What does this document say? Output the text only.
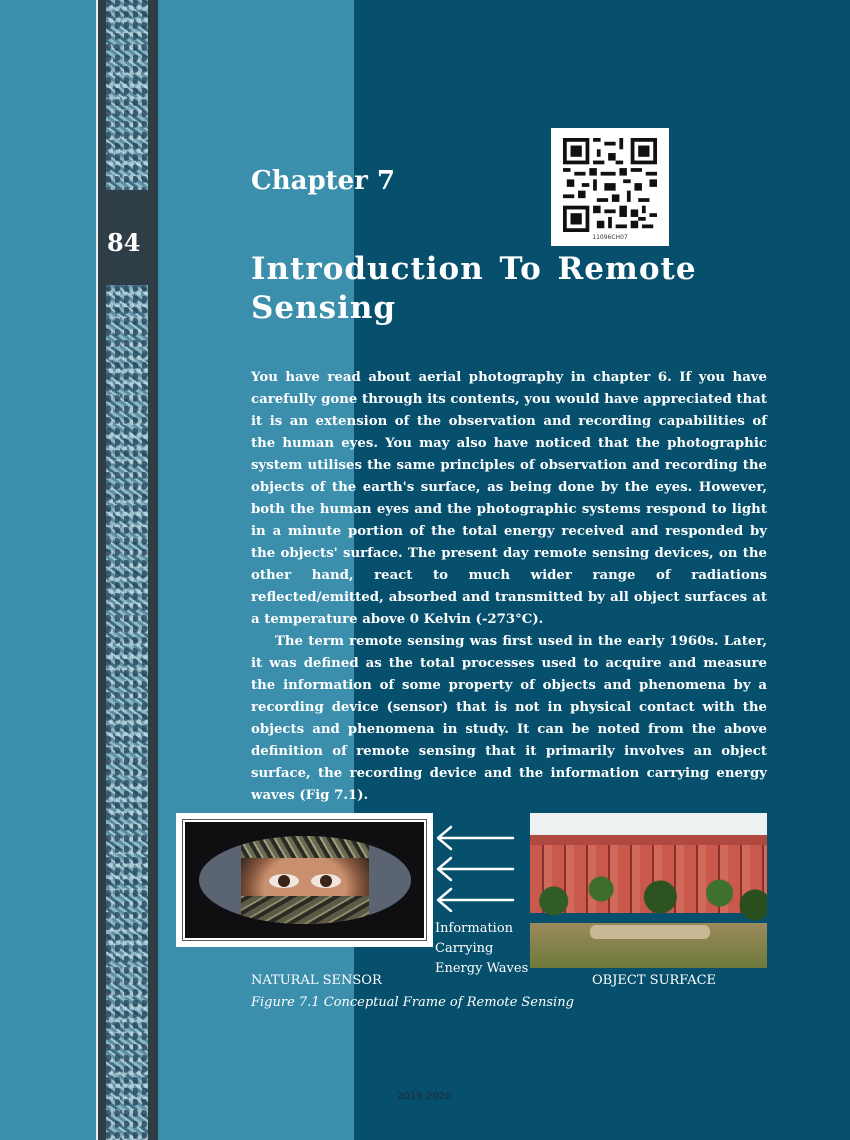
84	11096CH07
Chapter 7
Introduction To Remote
Sensing

You have read about aerial photography in chapter 6. If you have carefully gone through its contents, you would have appreciated that it is an extension of the observation and recording capabilities of the human eyes. You may also have noticed that the photographic system utilises the same principles of observation and recording the objects of the earth's surface, as being done by the eyes. However, both the human eyes and the photographic systems respond to light in a minute portion of the total energy received and responded by the objects' surface. The present day remote sensing devices, on the other hand, react to much wider range of radiations reflected/emitted, absorbed and transmitted by all object surfaces at a temperature above 0 Kelvin (-273°C).

The term remote sensing was first used in the early 1960s. Later, it was defined as the total processes used to acquire and measure the information of some property of objects and phenomena by a recording device (sensor) that is not in physical contact with the objects and phenomena in study. It can be noted from the above definition of remote sensing that it primarily involves an object surface, the recording device and the information carrying energy waves (Fig 7.1).

Information
Carrying
Energy Waves
NATURAL SENSOR	OBJECT SURFACE
Figure 7.1 Conceptual Frame of Remote Sensing
2019-2020
